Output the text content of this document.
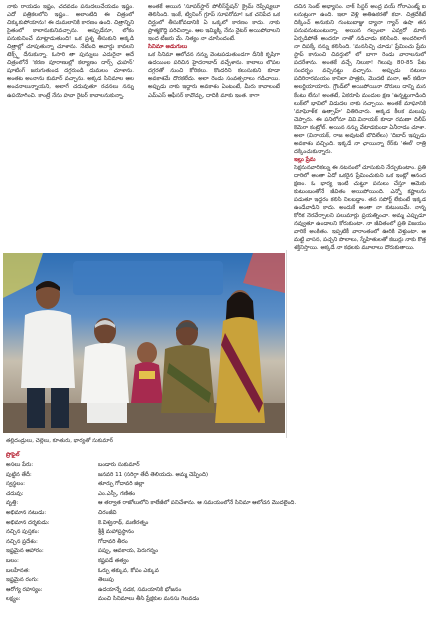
నాకు రాయడం ఇష్టం, చదవడం పనుదలుచేయడం ఇష్టం. ఎదో పత్రికలలోని ఇష్టం.. అలాంటిది ఈ చిత్రంలో చిక్కుకుపోయాను! ఈ దుమలానికి కారణం ఉంది. చిత్రాన్నిని సైతంలో కాలానుకుని‌వచ్చాను. అప్పుడేనూ, లోకం పనుకుని‌ంచే మాట్లాడుతుంది! ఒక ప్రశ్న తీసుకుని‌ అక్కడి చిత్రాల్లో చూపుతున్నా చూశాను. నేటింది అవార్డు కావలని టెక్స్ట్ దేనుకున్నా. ఓసారి తా పున్నులు ఎదురైనా అదే చిత్రంలోనే 'కరణ పూరాణుల్లో కల్యాణం దార్స్ ఛుహన్' షూటింగ్ జరుగుతుండ‌ దగ్గరుండి దుమలం చూశాను. అంతట అంనా‌ను‌ కుమార్ వచ్చాను. అక్కడ సినిమాల ఆల అంచనాలున్నాయని‌, అలాగే చదువుతూ రచనలు‌‌ నన్ను ఉపయోగించి. కాంట్రే నేను హవా రైటర్ కావాలనుకున్నా.
అంతకే అయిన 'సూపర్‌స్టార్ పోలీస్‌స్టేషన్' క్రైమ్ రెప్పేష్యలూ తెలిసింది. ఇంకే, ట్వినింగ్ గ్రూప్ సూపరోమా! ఒక చనిపేద ఒక దిర్ఘంలో తీసుకోవడానికి ఏ ఒక్కలో కారణం కాదు. నాకు ప్రాత్మకొద్ది పరిచిన్నాం. ఆల ఇమ్మిక్కి నేను నైటర్ అయిపోవాలని ఇంద టీజరు మే. నిత్యం నా చూసిందంటే.
సినిమా‌ అడుగులు
ఒక సినిమా ఆలోచన నన్ను వెంటపడుతుండగా దీనికి కృషిగా ఉదయింల పరిచిన హైదరాబాద్ వచ్చేశాను. కాలాలు లొపల దగ్గరతో‌ నుంచి కోరికలు. కొందరిని కలుసుకుని‌ ‌కూడా అవకాశమే దొరకలేదు. అలా రెండు సంవత్సరాలు గడిచాయి. అప్పుడు నాకు ఇద్దారు అవకాశం ఏంటంటే, మీరు కావాలంటే ఎమ్‌ఎస్ ఆఫీసర్ కావొచ్చు, ‌దాదికి‌ మాకు ఇంత. కాగా
దచిన సెంట్ అభ్యాసం. నాక్ సిస్టర్ అంద్ర‌ ‌వయ్‌ గోరాఎంట్మ్‌ ఐ లనుట్రంగా ఉంది. ఇలా వెళ్లి‌ అతిఉకరతో కదా.‌ చిత్రదేకిటే దిక్కించ్ అనుకుని గుంటుబాజ్జు ద్యానా గ్యాన్ ఉషా తన పనువనుటుంటున్నా. అయిన గల్పంలా ఎవ్వరో మాకు ఏర్పడిపోతే అందరూ నాతో నడిచాడు కలిసింది. అందరిలాగే నా దిపక్కే నన్ను కలిసింది. 'మనసిచ్చి చూడు' ప్రేమించు ప్రేమ స్టాప్ కానుంచి‌ చివర్తులో ‌లో బాగా రెండు వారాలను‌‌లో పదరేశాను. అంతకే వచ్చే నిలుకా! గెలుపు 80-85 పేట సందర్భం వచ్చినట్టు వచ్చాను. అప్పుడు నటులు పదిరిరారమయం‌ కానిలా పాత్రకు, మొదటి మనా, ఆర్ కటినా అలర్జియాయారు. గ్రౌండ్‌లో అయిపోయినా దొరులు దాన్ని మన కేంటు లేను! అంతటే, ఏకరూపి మందుల‌ క్షణ 'ఉన్నట్టుగాడింది లుక్‌లో భావిలో‌ విడుదల ‌‌నాకు నచ్చాయి. అంతకే మాఘానికి 'మాఘోళ్‌క ఉత్సాహ్‌' వితిరిచారు. అక్కడ కీలక మలుపు చెప్పారు. ఈ పనిలోనూ వివి.వినాయక్ కూడా రమణా‌ దిలీప్ కెమెరా కంట్రోల్.‌ అయిన నన్ను వేటాడకుండా ఏ‌నీరాడం‌ చూశా. అలా‌ (వినాయక్, రాజ అవుటటే బొదిలేలు) 'దిబాద్ ఇప్పుడు అవకాశం వచ్చింది. ఇక్కడే నా ఛాయిన్నా‌ రేర్‌కు 'ఈల్' రాత్రి దక్కించుకున్నారు.
ఇల్లు ప్రేమ
సెక్షనునవారికల్ను ఈ నటనంలో చూసుకుని నేర్చుకుంటాం. ప్రతి దారిలో అంతా ఏదో ఒకరైన ప్రేమించుకుని ఒక ‌ఇంట్లో ఆనంద క్షణం. ఓ భార్య ఇంటి చుట్టూ పనులు చేస్తూ ఆమెకు కుటుంబంతోనే జీవితం అయిపోయింది. ఎన్నో కష్టాలను పడుతూ ఇద్దరం‌ కలిసి‌ నిలబడ్డాం. తన సపోర్ట్ లేకుంటే ఇక్కడ ఉండేవాడిని కాదు. అందుకే అంతా నా కుటుంబమే. నాన్న కోరిక నెరవేర్చాలని పలుమార్లు ప్రయత్నించా. అమ్మ ఎప్పుడూ నవ్వుతూ ఉండాలని కోరుకుంటా. నా జీవితంలో ప్రతి‌ విజయం వారికే అంకితం. ఇప్పటికీ వారాంతంలో ఊరికి వెళ్తుంటా. ఆ మట్టి వాసన, పచ్చని పొలాలు, స్నేహితులతో కబుర్లు నాకు కొత్త శక్తినిస్తాయి. అక్కడే నా కథలకు మూలాలు దొరుకుతాయి.
తల్లిదండ్రులు, చెల్లెలు, కూతురు, భార్యతో సుకుమార్
ప్రొఫైల్
అసలు పేరు:	బండారు సుకుమార్
పుట్టిన తేదీ:	జనవరి 11 (సరిగ్గా తేదీ తెలియదు. అమ్మ చెప్పింది)
స్వస్థలం:	తూర్పు గోదావరి జిల్లా
చదువు:	ఎం.ఎస్సీ, గణితం
వృత్తి:	ఆ తర్వాత రాజోలులోని కాలేజీలో పనిచేశాను. ఆ సమయంలోనే సినిమా ఆలోచన మొదలైంది.
అభిమాన నటుడు:	చిరంజీవి
అభిమాన దర్శకుడు:	కె.విశ్వనాథ్, మణిరత్నం
నచ్చిన పుస్తకం:	శ్రీశ్రీ మహాప్రస్థానం
నచ్చిన ప్రదేశం:	గోదావరి తీరం
ఇష్టమైన ఆహారం:	పప్పు, ఆవకాయ, పెరుగన్నం
బలం:	కష్టపడే తత్వం
బలహీనత:	ఓర్పు తక్కువ, కోపం ఎక్కువ
ఇష్టమైన రంగు:	తెలుపు
ఆరోగ్య రహస్యం:	ఉదయాన్నే నడక, సమయానికి భోజనం
లక్ష్యం:	మంచి సినిమాలు తీసి ప్రేక్షకుల మనసు గెలవడం
